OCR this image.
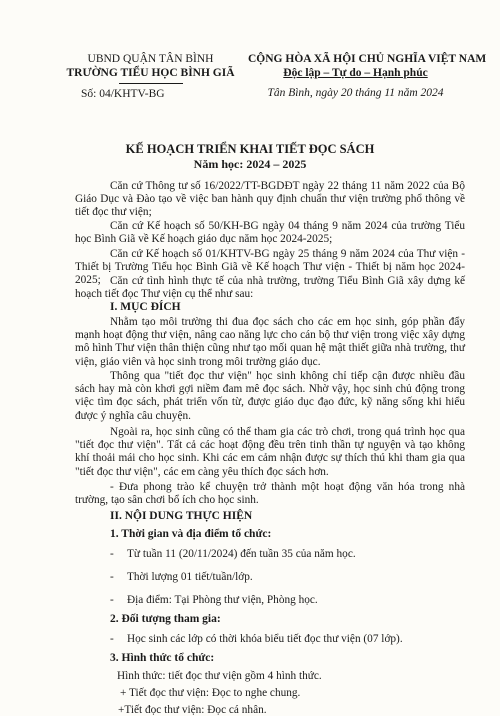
UBND QUẬN TÂN BÌNH
TRƯỜNG TIỂU HỌC BÌNH GIÃ
Số: 04/KHTV-BG
CỘNG HÒA XÃ HỘI CHỦ NGHĨA VIỆT NAM
Độc lập – Tự do – Hạnh phúc
Tân Bình, ngày 20 tháng 11 năm 2024
KẾ HOẠCH TRIỂN KHAI TIẾT ĐỌC SÁCH
Năm học: 2024 – 2025
Căn cứ Thông tư số 16/2022/TT-BGDĐT ngày 22 tháng 11 năm 2022 của Bộ Giáo Dục và Đào tạo về việc ban hành quy định chuẩn thư viện trường phổ thông về tiết đọc thư viện;
Căn cứ Kế hoạch số 50/KH-BG ngày 04 tháng 9 năm 2024 của trường Tiểu học Bình Giã về Kế hoạch giáo dục năm học 2024-2025;
Căn cứ Kế hoạch số 01/KHTV-BG ngày 25 tháng 9 năm 2024 của Thư viện - Thiết bị Trường Tiểu học Bình Giã về Kế hoạch Thư viện - Thiết bị năm học 2024-2025; Căn cứ tình hình thực tế của nhà trường, trường Tiểu Bình Giã xây dựng kế hoạch tiết đọc Thư viện cụ thể như sau:
I. MỤC ĐÍCH
Nhằm tạo môi trường thi đua đọc sách cho các em học sinh, góp phần đẩy mạnh hoạt động thư viện, nâng cao năng lực cho cán bộ thư viện trong việc xây dựng mô hình Thư viện thân thiện cũng như tạo mối quan hệ mật thiết giữa nhà trường, thư viện, giáo viên và học sinh trong môi trường giáo dục.
Thông qua "tiết đọc thư viện" học sinh không chỉ tiếp cận được nhiều đầu sách hay mà còn khơi gợi niềm đam mê đọc sách. Nhờ vậy, học sinh chủ động trong việc tìm đọc sách, phát triển vốn từ, được giáo dục đạo đức, kỹ năng sống khi hiểu được ý nghĩa câu chuyện.
Ngoài ra, học sinh cũng có thể tham gia các trò chơi, trong quá trình học qua "tiết đọc thư viện". Tất cả các hoạt động đều trên tinh thần tự nguyện và tạo không khí thoải mái cho học sinh. Khi các em cảm nhận được sự thích thú khi tham gia qua "tiết đọc thư viện", các em càng yêu thích đọc sách hơn.
- Đưa phong trào kể chuyện trở thành một hoạt động văn hóa trong nhà trường, tạo sân chơi bổ ích cho học sinh.
II. NỘI DUNG THỰC HIỆN
1. Thời gian và địa điểm tổ chức:
- Từ tuần 11 (20/11/2024) đến tuần 35 của năm học.
- Thời lượng 01 tiết/tuần/lớp.
- Địa điểm: Tại Phòng thư viện, Phòng học.
2. Đối tượng tham gia:
- Học sinh các lớp có thời khóa biểu tiết đọc thư viện (07 lớp).
3. Hình thức tổ chức:
Hình thức: tiết đọc thư viện gồm 4 hình thức.
+ Tiết đọc thư viện: Đọc to nghe chung.
+Tiết đọc thư viện: Đọc cá nhân.
